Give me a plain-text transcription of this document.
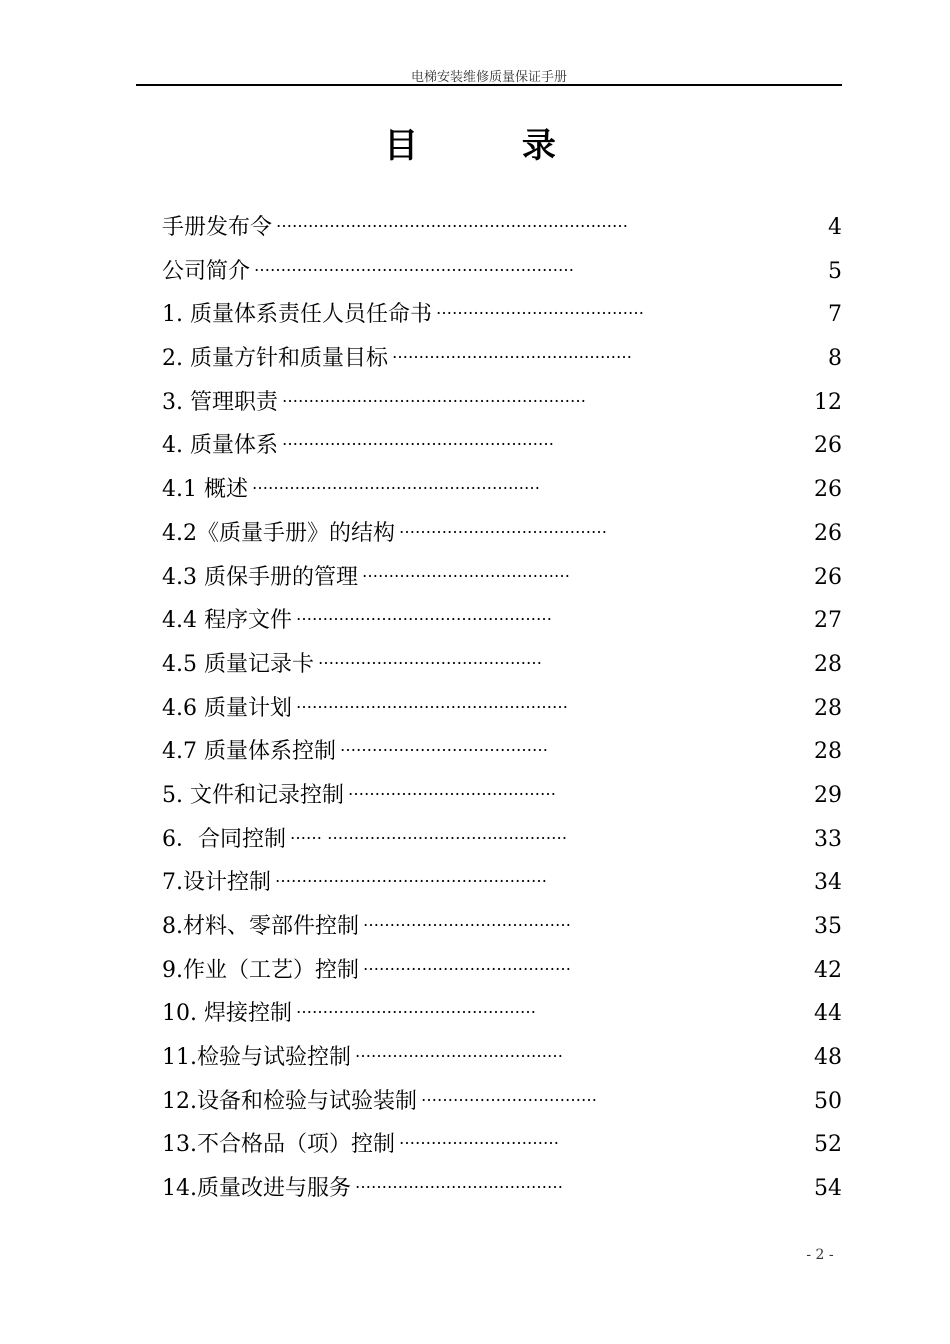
电梯安装维修质量保证手册
目 录
手册发布令	4
…………………………………………………………
公司简介	5
……………………………………………………
1. 质量体系责任人员任命书	7
…………………………………
2. 质量方针和质量目标	8
………………………………………
3. 管理职责	12
…………………………………………………
4. 质量体系	26
……………………………………………
4.1 概述	26
………………………………………………
4.2《质量手册》的结构	26
…………………………………
4.3 质保手册的管理	26
…………………………………
4.4 程序文件	27
…………………………………………
4.5 质量记录卡	28
……………………………………
4.6 质量计划	28
……………………………………………
4.7 质量体系控制	28
…………………………………
5. 文件和记录控制	29
…………………………………
6．合同控制	33
…… ………………………………………
7.设计控制	34
……………………………………………
8.材料、零部件控制	35
…………………………………
9.作业（工艺）控制	42
…………………………………
10. 焊接控制	44
………………………………………
11.检验与试验控制	48
…………………………………
12.设备和检验与试验装制	50
……………………………
13.不合格品（项）控制	52
…………………………
14.质量改进与服务	54
…………………………………
- 2 -
